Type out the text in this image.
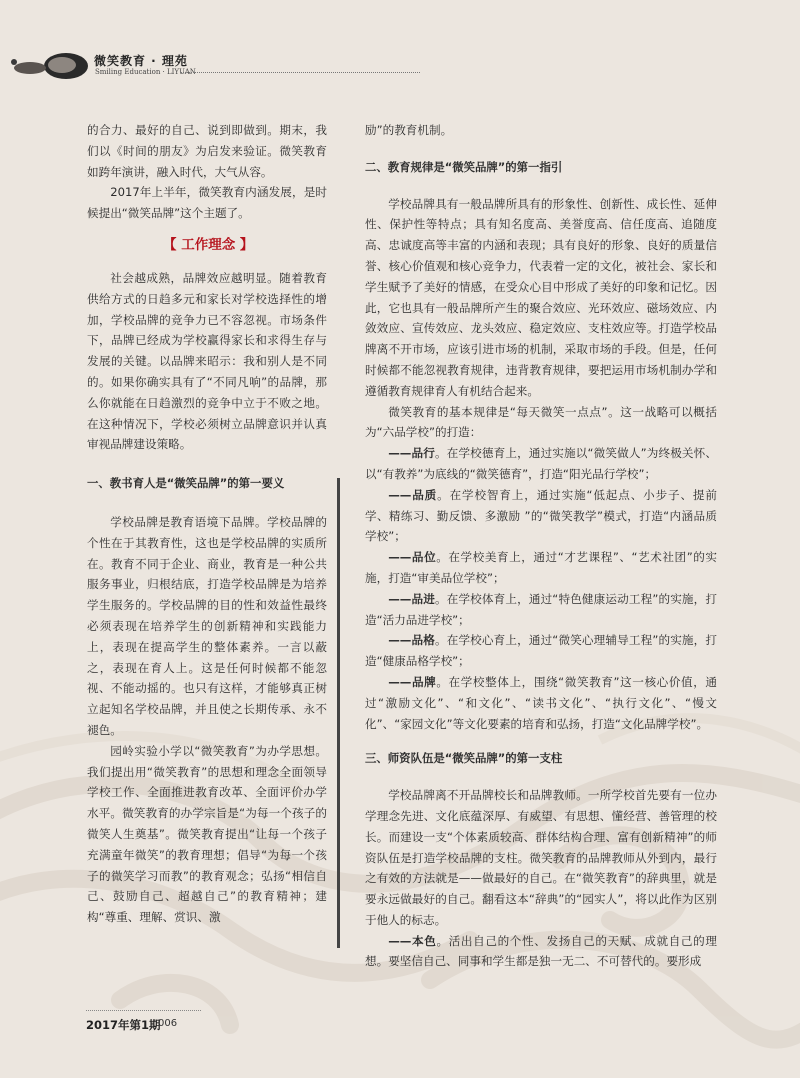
微笑教育 · 理苑
Smiling Education · LIYUAN

的合力、最好的自己、说到即做到。期末，我们以《时间的朋友》为启发来验证。微笑教育如跨年演讲，融入时代，大气从容。

2017年上半年，微笑教育内涵发展，是时候提出“微笑品牌”这个主题了。

【 工作理念 】

社会越成熟，品牌效应越明显。随着教育供给方式的日趋多元和家长对学校选择性的增加，学校品牌的竞争力已不容忽视。市场条件下，品牌已经成为学校赢得家长和求得生存与发展的关键。以品牌来昭示：我和别人是不同的。如果你确实具有了“不同凡响”的品牌，那么你就能在日趋激烈的竞争中立于不败之地。在这种情况下，学校必须树立品牌意识并认真审视品牌建设策略。

一、教书育人是“微笑品牌”的第一要义

学校品牌是教育语境下品牌。学校品牌的个性在于其教育性，这也是学校品牌的实质所在。教育不同于企业、商业，教育是一种公共服务事业，归根结底，打造学校品牌是为培养学生服务的。学校品牌的目的性和效益性最终必须表现在培养学生的创新精神和实践能力上，表现在提高学生的整体素养。一言以蔽之，表现在育人上。这是任何时候都不能忽视、不能动摇的。也只有这样，才能够真正树立起知名学校品牌，并且使之长期传承、永不褪色。

园岭实验小学以“微笑教育”为办学思想。我们提出用“微笑教育”的思想和理念全面领导学校工作、全面推进教育改革、全面评价办学水平。微笑教育的办学宗旨是“为每一个孩子的微笑人生奠基”。微笑教育提出“让每一个孩子充满童年微笑”的教育理想；倡导“为每一个孩子的微笑学习而教”的教育观念；弘扬“相信自己、鼓励自己、超越自己”的教育精神；建构“尊重、理解、赏识、激

励”的教育机制。

二、教育规律是“微笑品牌”的第一指引

学校品牌具有一般品牌所具有的形象性、创新性、成长性、延伸性、保护性等特点；具有知名度高、美誉度高、信任度高、追随度高、忠诚度高等丰富的内涵和表现；具有良好的形象、良好的质量信誉、核心价值观和核心竞争力，代表着一定的文化，被社会、家长和学生赋予了美好的情感，在受众心目中形成了美好的印象和记忆。因此，它也具有一般品牌所产生的聚合效应、光环效应、磁场效应、内敛效应、宣传效应、龙头效应、稳定效应、支柱效应等。打造学校品牌离不开市场，应该引进市场的机制，采取市场的手段。但是，任何时候都不能忽视教育规律，违背教育规律，要把运用市场机制办学和遵循教育规律育人有机结合起来。

微笑教育的基本规律是“每天微笑一点点”。这一战略可以概括为“六品学校”的打造：

——品行。在学校德育上，通过实施以“微笑做人”为终极关怀、以“有教养”为底线的“微笑德育”，打造“阳光品行学校”；

——品质。在学校智育上，通过实施“低起点、小步子、提前学、精练习、勤反馈、多激励 ”的“微笑教学”模式，打造“内涵品质学校”；

——品位。在学校美育上，通过“才艺课程”、“艺术社团”的实施，打造“审美品位学校”；

——品进。在学校体育上，通过“特色健康运动工程”的实施，打造“活力品进学校”；

——品格。在学校心育上，通过“微笑心理辅导工程”的实施，打造“健康品格学校”；

——品牌。在学校整体上，围绕“微笑教育”这一核心价值，通过“激励文化”、“和文化”、“读书文化”、“执行文化”、“慢文化”、“家园文化”等文化要素的培育和弘扬，打造“文化品牌学校”。

三、师资队伍是“微笑品牌”的第一支柱

学校品牌离不开品牌校长和品牌教师。一所学校首先要有一位办学理念先进、文化底蕴深厚、有威望、有思想、懂经营、善管理的校长。而建设一支“个体素质较高、群体结构合理、富有创新精神”的师资队伍是打造学校品牌的支柱。微笑教育的品牌教师从外到内，最行之有效的方法就是——做最好的自己。在“微笑教育”的辞典里，就是要永远做最好的自己。翻看这本“辞典”的“园实人”，将以此作为区别于他人的标志。

——本色。活出自己的个性、发扬自己的天赋、成就自己的理想。要坚信自己、同事和学生都是独一无二、不可替代的。要形成

2017年第1期
006
